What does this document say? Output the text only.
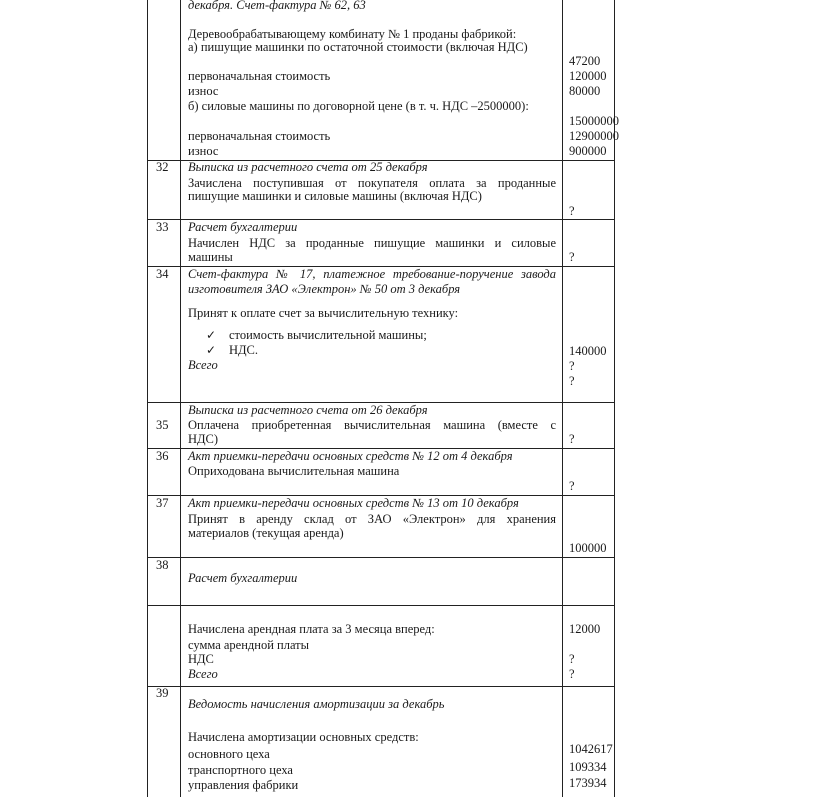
декабря. Счет-фактура № 62, 63
Деревообрабатывающему комбинату № 1 проданы фабрикой:
а) пишущие машинки по остаточной стоимости (включая НДС)
первоначальная стоимость
износ
б) силовые машины по договорной цене (в т. ч. НДС –2500000):
первоначальная стоимость
износ
47200
120000
80000
15000000
12900000
900000
32 Выписка из расчетного счета от 25 декабря
Зачислена поступившая от покупателя оплата за проданные
пишущие машинки и силовые машины (включая НДС)
?
33 Расчет бухгалтерии
Начислен НДС за проданные пишущие машинки и силовые
машины	?
34 Счет-фактура № 17, платежное требование-поручение завода
изготовителя ЗАО «Электрон» № 50 от 3 декабря
Принят к оплате счет за вычислительную технику:
✓ стоимость вычислительной машины;
✓ НДС.
Всего
140000
?
?
Выписка из расчетного счета от 26 декабря
35 Оплачена приобретенная вычислительная машина (вместе с
НДС)	?
36 Акт приемки-передачи основных средств № 12 от 4 декабря
Оприходована вычислительная машина
?
37 Акт приемки-передачи основных средств № 13 от 10 декабря
Принят в аренду склад от ЗАО «Электрон» для хранения
материалов (текущая аренда)
100000
38
Расчет бухгалтерии
Начислена арендная плата за 3 месяца вперед:
сумма арендной платы
НДС
Всего
12000
?
?
39
Ведомость начисления амортизации за декабрь
Начислена амортизации основных средств:
основного цеха
транспортного цеха
управления фабрики
1042617
109334
173934
